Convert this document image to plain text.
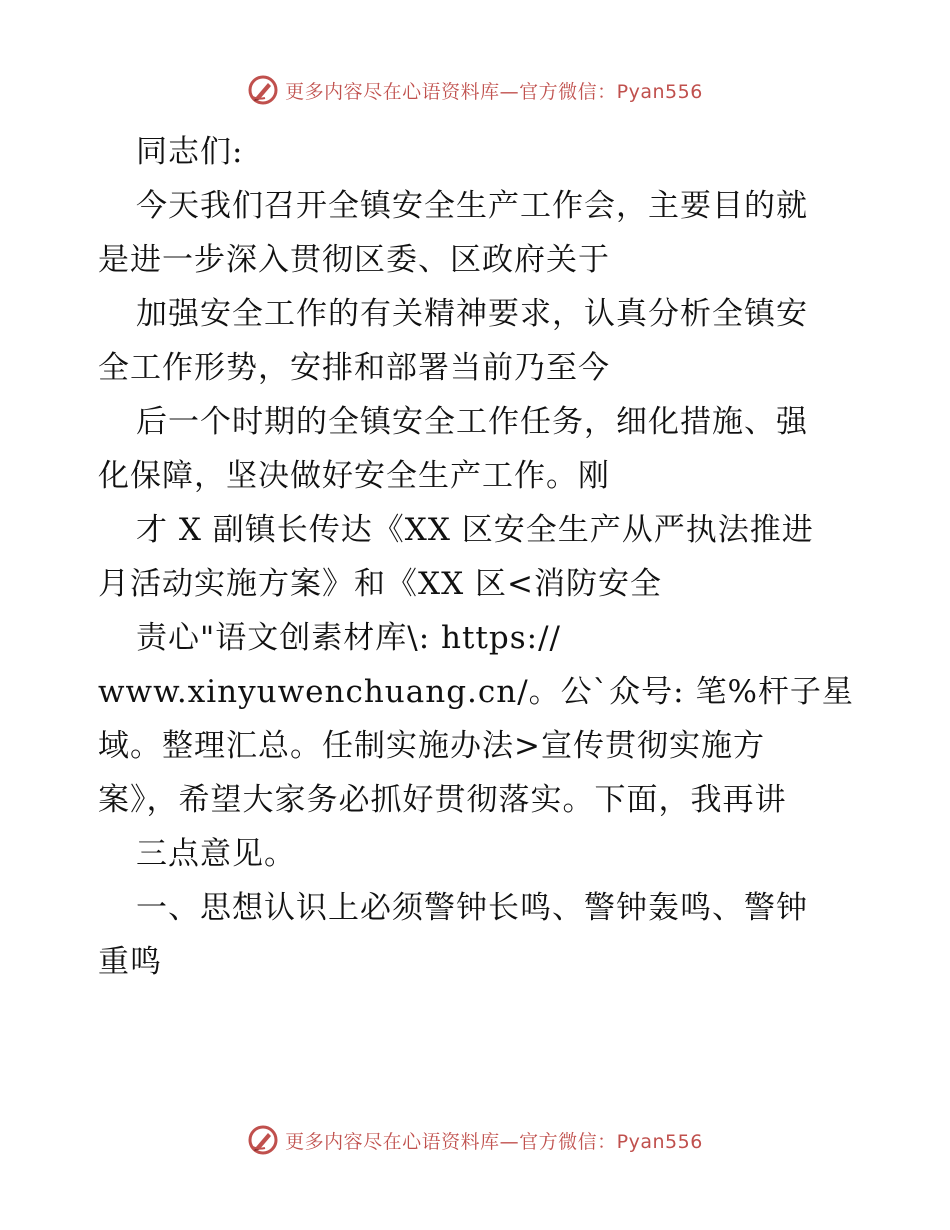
更多内容尽在心语资料库—官方微信：Pyan556
同志们:
今天我们召开全镇安全生产工作会，主要目的就
是进一步深入贯彻区委、区政府关于
加强安全工作的有关精神要求，认真分析全镇安
全工作形势，安排和部署当前乃至今
后一个时期的全镇安全工作任务，细化措施、强
化保障，坚决做好安全生产工作。刚
才 X 副镇长传达《XX 区安全生产从严执法推进
月活动实施方案》和《XX 区<消防安全
责心"语文创素材库\: https://
www.xinyuwenchuang.cn/。公`众号: 笔%杆子星
域。整理汇总。任制实施办法>宣传贯彻实施方
案》，希望大家务必抓好贯彻落实。下面，我再讲
三点意见。
一、思想认识上必须警钟长鸣、警钟轰鸣、警钟
重鸣
更多内容尽在心语资料库—官方微信：Pyan556
